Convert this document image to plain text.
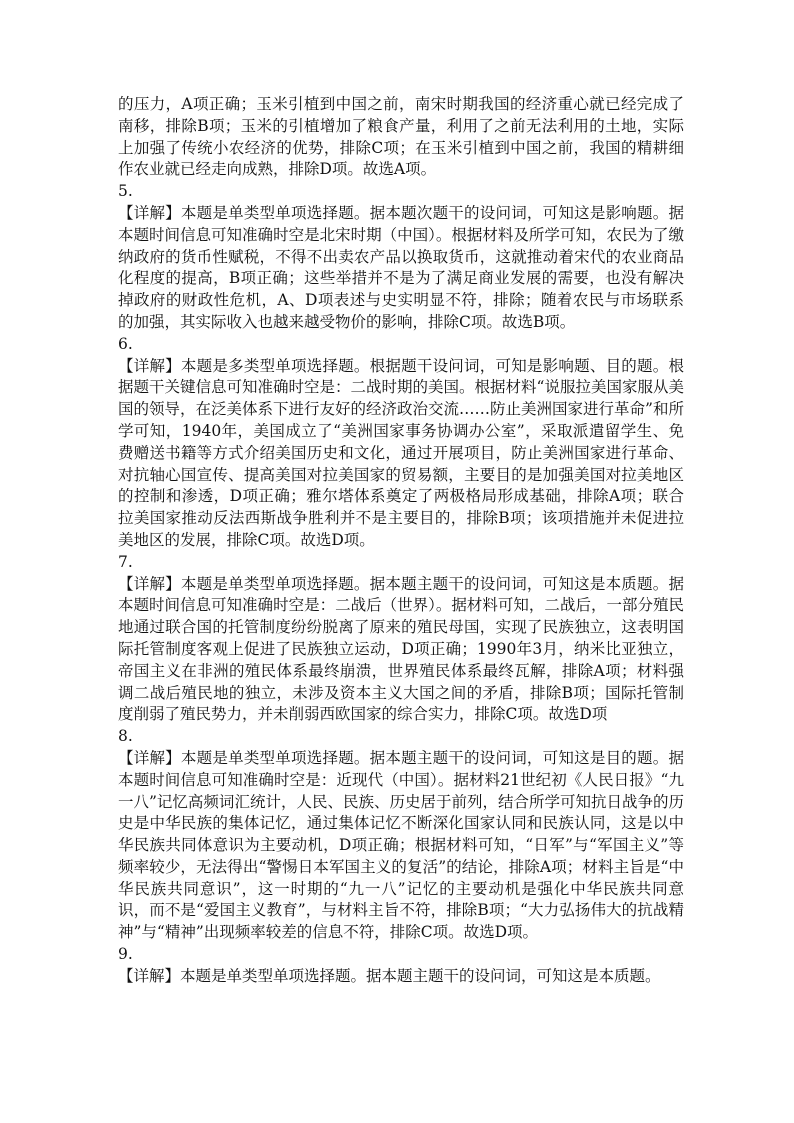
的压力，A项正确；玉米引植到中国之前，南宋时期我国的经济重心就已经完成了南移，排除B项；玉米的引植增加了粮食产量，利用了之前无法利用的土地，实际上加强了传统小农经济的优势，排除C项；在玉米引植到中国之前，我国的精耕细作农业就已经走向成熟，排除D项。故选A项。

5.

【详解】本题是单类型单项选择题。据本题次题干的设问词，可知这是影响题。据本题时间信息可知准确时空是北宋时期（中国）。根据材料及所学可知，农民为了缴纳政府的货币性赋税，不得不出卖农产品以换取货币，这就推动着宋代的农业商品化程度的提高，B项正确；这些举措并不是为了满足商业发展的需要，也没有解决掉政府的财政性危机，A、D项表述与史实明显不符，排除；随着农民与市场联系的加强，其实际收入也越来越受物价的影响，排除C项。故选B项。

6.

【详解】本题是多类型单项选择题。根据题干设问词，可知是影响题、目的题。根据题干关键信息可知准确时空是：二战时期的美国。根据材料“说服拉美国家服从美国的领导，在泛美体系下进行友好的经济政治交流……防止美洲国家进行革命”和所学可知，1940年，美国成立了“美洲国家事务协调办公室”，采取派遣留学生、免费赠送书籍等方式介绍美国历史和文化，通过开展项目，防止美洲国家进行革命、对抗轴心国宣传、提高美国对拉美国家的贸易额，主要目的是加强美国对拉美地区的控制和渗透，D项正确；雅尔塔体系奠定了两极格局形成基础，排除A项；联合拉美国家推动反法西斯战争胜利并不是主要目的，排除B项；该项措施并未促进拉美地区的发展，排除C项。故选D项。

7.

【详解】本题是单类型单项选择题。据本题主题干的设问词，可知这是本质题。据本题时间信息可知准确时空是：二战后（世界）。据材料可知，二战后，一部分殖民地通过联合国的托管制度纷纷脱离了原来的殖民母国，实现了民族独立，这表明国际托管制度客观上促进了民族独立运动，D项正确；1990年3月，纳米比亚独立，帝国主义在非洲的殖民体系最终崩溃，世界殖民体系最终瓦解，排除A项；材料强调二战后殖民地的独立，未涉及资本主义大国之间的矛盾，排除B项；国际托管制度削弱了殖民势力，并未削弱西欧国家的综合实力，排除C项。故选D项

8.

【详解】本题是单类型单项选择题。据本题主题干的设问词，可知这是目的题。据本题时间信息可知准确时空是：近现代（中国）。据材料21世纪初《人民日报》“九一八”记忆高频词汇统计，人民、民族、历史居于前列，结合所学可知抗日战争的历史是中华民族的集体记忆，通过集体记忆不断深化国家认同和民族认同，这是以中华民族共同体意识为主要动机，D项正确；根据材料可知，“日军”与“军国主义”等频率较少，无法得出“警惕日本军国主义的复活”的结论，排除A项；材料主旨是“中华民族共同意识”，这一时期的“九一八”记忆的主要动机是强化中华民族共同意识，而不是“爱国主义教育”，与材料主旨不符，排除B项；“大力弘扬伟大的抗战精神”与“精神”出现频率较差的信息不符，排除C项。故选D项。

9.

【详解】本题是单类型单项选择题。据本题主题干的设问词，可知这是本质题。
